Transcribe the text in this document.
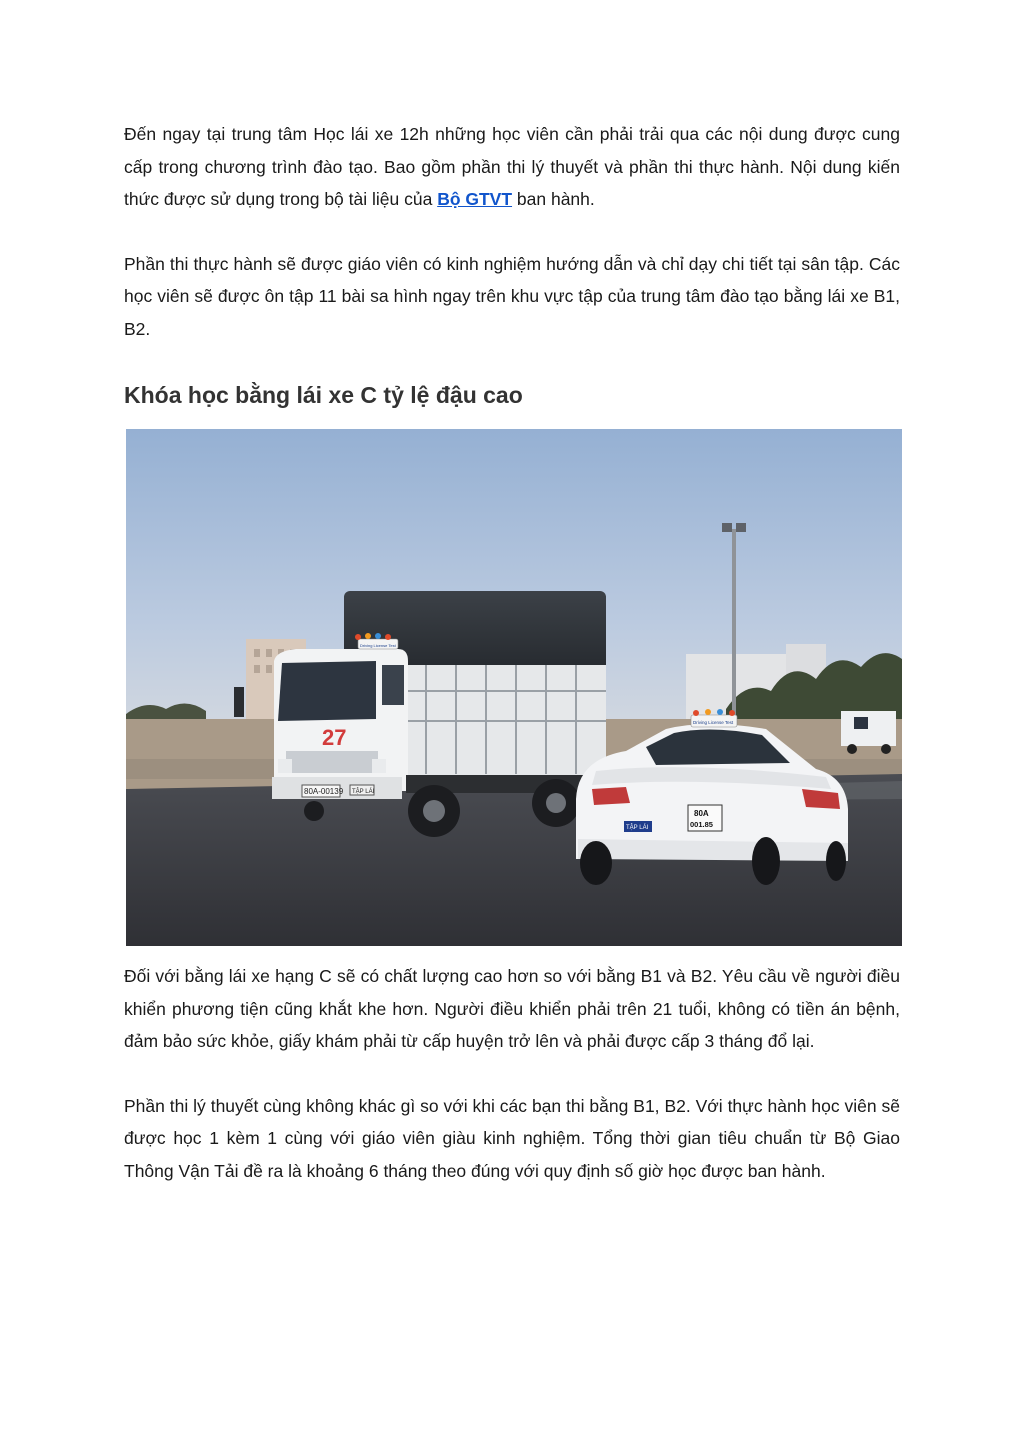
Đến ngay tại trung tâm Học lái xe 12h những học viên cần phải trải qua các nội dung được cung cấp trong chương trình đào tạo. Bao gồm phần thi lý thuyết và phần thi thực hành. Nội dung kiến thức được sử dụng trong bộ tài liệu của Bộ GTVT ban hành.

Phần thi thực hành sẽ được giáo viên có kinh nghiệm hướng dẫn và chỉ dạy chi tiết tại sân tập. Các học viên sẽ được ôn tập 11 bài sa hình ngay trên khu vực tập của trung tâm đào tạo bằng lái xe B1, B2.

Khóa học bằng lái xe C tỷ lệ đậu cao
27
80A-00139 TẬP LÁI
Driving License Test
80A
001.85
TẬP LÁI
Driving License Test

Đối với bằng lái xe hạng C sẽ có chất lượng cao hơn so với bằng B1 và B2. Yêu cầu về người điều khiển phương tiện cũng khắt khe hơn. Người điều khiển phải trên 21 tuổi, không có tiền án bệnh, đảm bảo sức khỏe, giấy khám phải từ cấp huyện trở lên và phải được cấp 3 tháng đổ lại.

Phần thi lý thuyết cùng không khác gì so với khi các bạn thi bằng B1, B2. Với thực hành học viên sẽ được học 1 kèm 1 cùng với giáo viên giàu kinh nghiệm. Tổng thời gian tiêu chuẩn từ Bộ Giao Thông Vận Tải đề ra là khoảng 6 tháng theo đúng với quy định số giờ học được ban hành.
